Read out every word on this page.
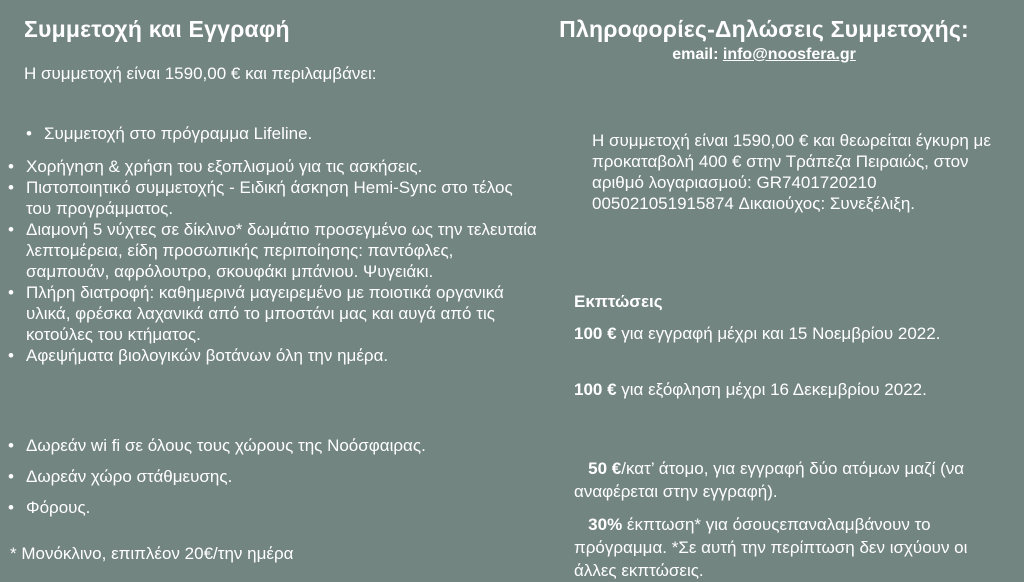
Συμμετοχή και Εγγραφή
Η συμμετοχή είναι 1590,00 € και περιλαμβάνει:
• Συμμετοχή στο πρόγραμμα Lifeline.
• Χορήγηση & χρήση του εξοπλισμού για τις ασκήσεις.
• Πιστοποιητικό συμμετοχής - Ειδική άσκηση Hemi-Sync στο τέλος του προγράμματος.
• Διαμονή 5 νύχτες σε δίκλινο* δωμάτιο προσεγμένο ως την τελευταία λεπτομέρεια, είδη προσωπικής περιποίησης: παντόφλες, σαμπουάν, αφρόλουτρο, σκουφάκι μπάνιου. Ψυγειάκι.
• Πλήρη διατροφή: καθημερινά μαγειρεμένο με ποιοτικά οργανικά υλικά, φρέσκα λαχανικά από το μποστάνι μας και αυγά από τις κοτούλες του κτήματος.
• Αφεψήματα βιολογικών βοτάνων όλη την ημέρα.
• Δωρεάν wi fi σε όλους τους χώρους της Νοόσφαιρας.
• Δωρεάν χώρο στάθμευσης.
• Φόρους.
* Μονόκλινο, επιπλέον 20€/την ημέρα
Πληροφορίες-Δηλώσεις Συμμετοχής:
email: info@noosfera.gr
Η συμμετοχή είναι 1590,00 € και θεωρείται έγκυρη με προκαταβολή 400 € στην Τράπεζα Πειραιώς, στον αριθμό λογαριασμού: GR7401720210 005021051915874 Δικαιούχος: Συνεξέλιξη.
Εκπτώσεις
100 € για εγγραφή μέχρι και 15 Νοεμβρίου 2022.
100 € για εξόφληση μέχρι 16 Δεκεμβρίου 2022.

50 €/κατ’ άτομο, για εγγραφή δύο ατόμων μαζί (να αναφέρεται στην εγγραφή).

30% έκπτωση* για όσουςεπαναλαμβάνουν το πρόγραμμα. *Σε αυτή την περίπτωση δεν ισχύουν οι άλλες εκπτώσεις.
